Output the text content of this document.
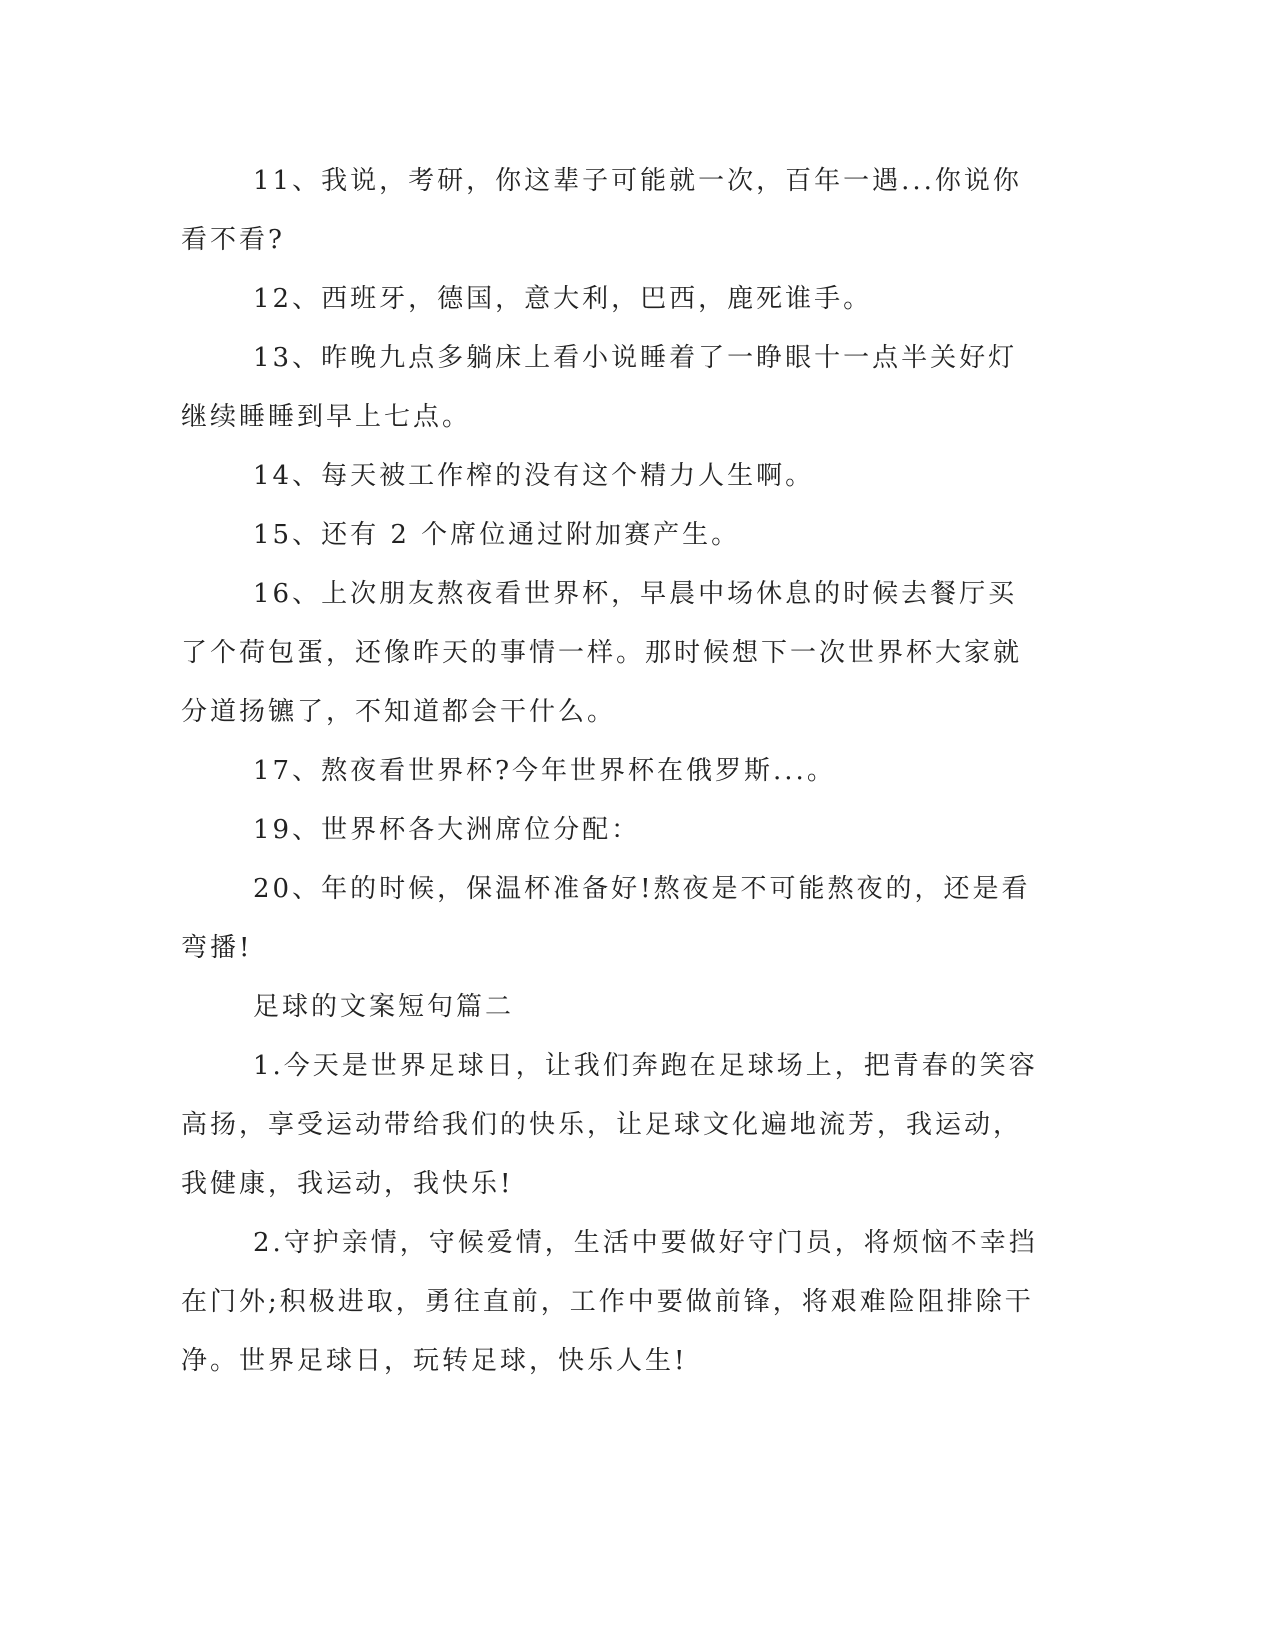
11、我说，考研，你这辈子可能就一次，百年一遇...你说你看不看?

12、西班牙，德国，意大利，巴西，鹿死谁手。

13、昨晚九点多躺床上看小说睡着了一睁眼十一点半关好灯继续睡睡到早上七点。

14、每天被工作榨的没有这个精力人生啊。

15、还有 2 个席位通过附加赛产生。

16、上次朋友熬夜看世界杯，早晨中场休息的时候去餐厅买了个荷包蛋，还像昨天的事情一样。那时候想下一次世界杯大家就分道扬镳了，不知道都会干什么。

17、熬夜看世界杯?今年世界杯在俄罗斯...。

19、世界杯各大洲席位分配：

20、年的时候，保温杯准备好!熬夜是不可能熬夜的，还是看弯播!

足球的文案短句篇二

1.今天是世界足球日，让我们奔跑在足球场上，把青春的笑容高扬，享受运动带给我们的快乐，让足球文化遍地流芳，我运动，我健康，我运动，我快乐!

2.守护亲情，守候爱情，生活中要做好守门员，将烦恼不幸挡在门外;积极进取，勇往直前，工作中要做前锋，将艰难险阻排除干净。世界足球日，玩转足球，快乐人生!
